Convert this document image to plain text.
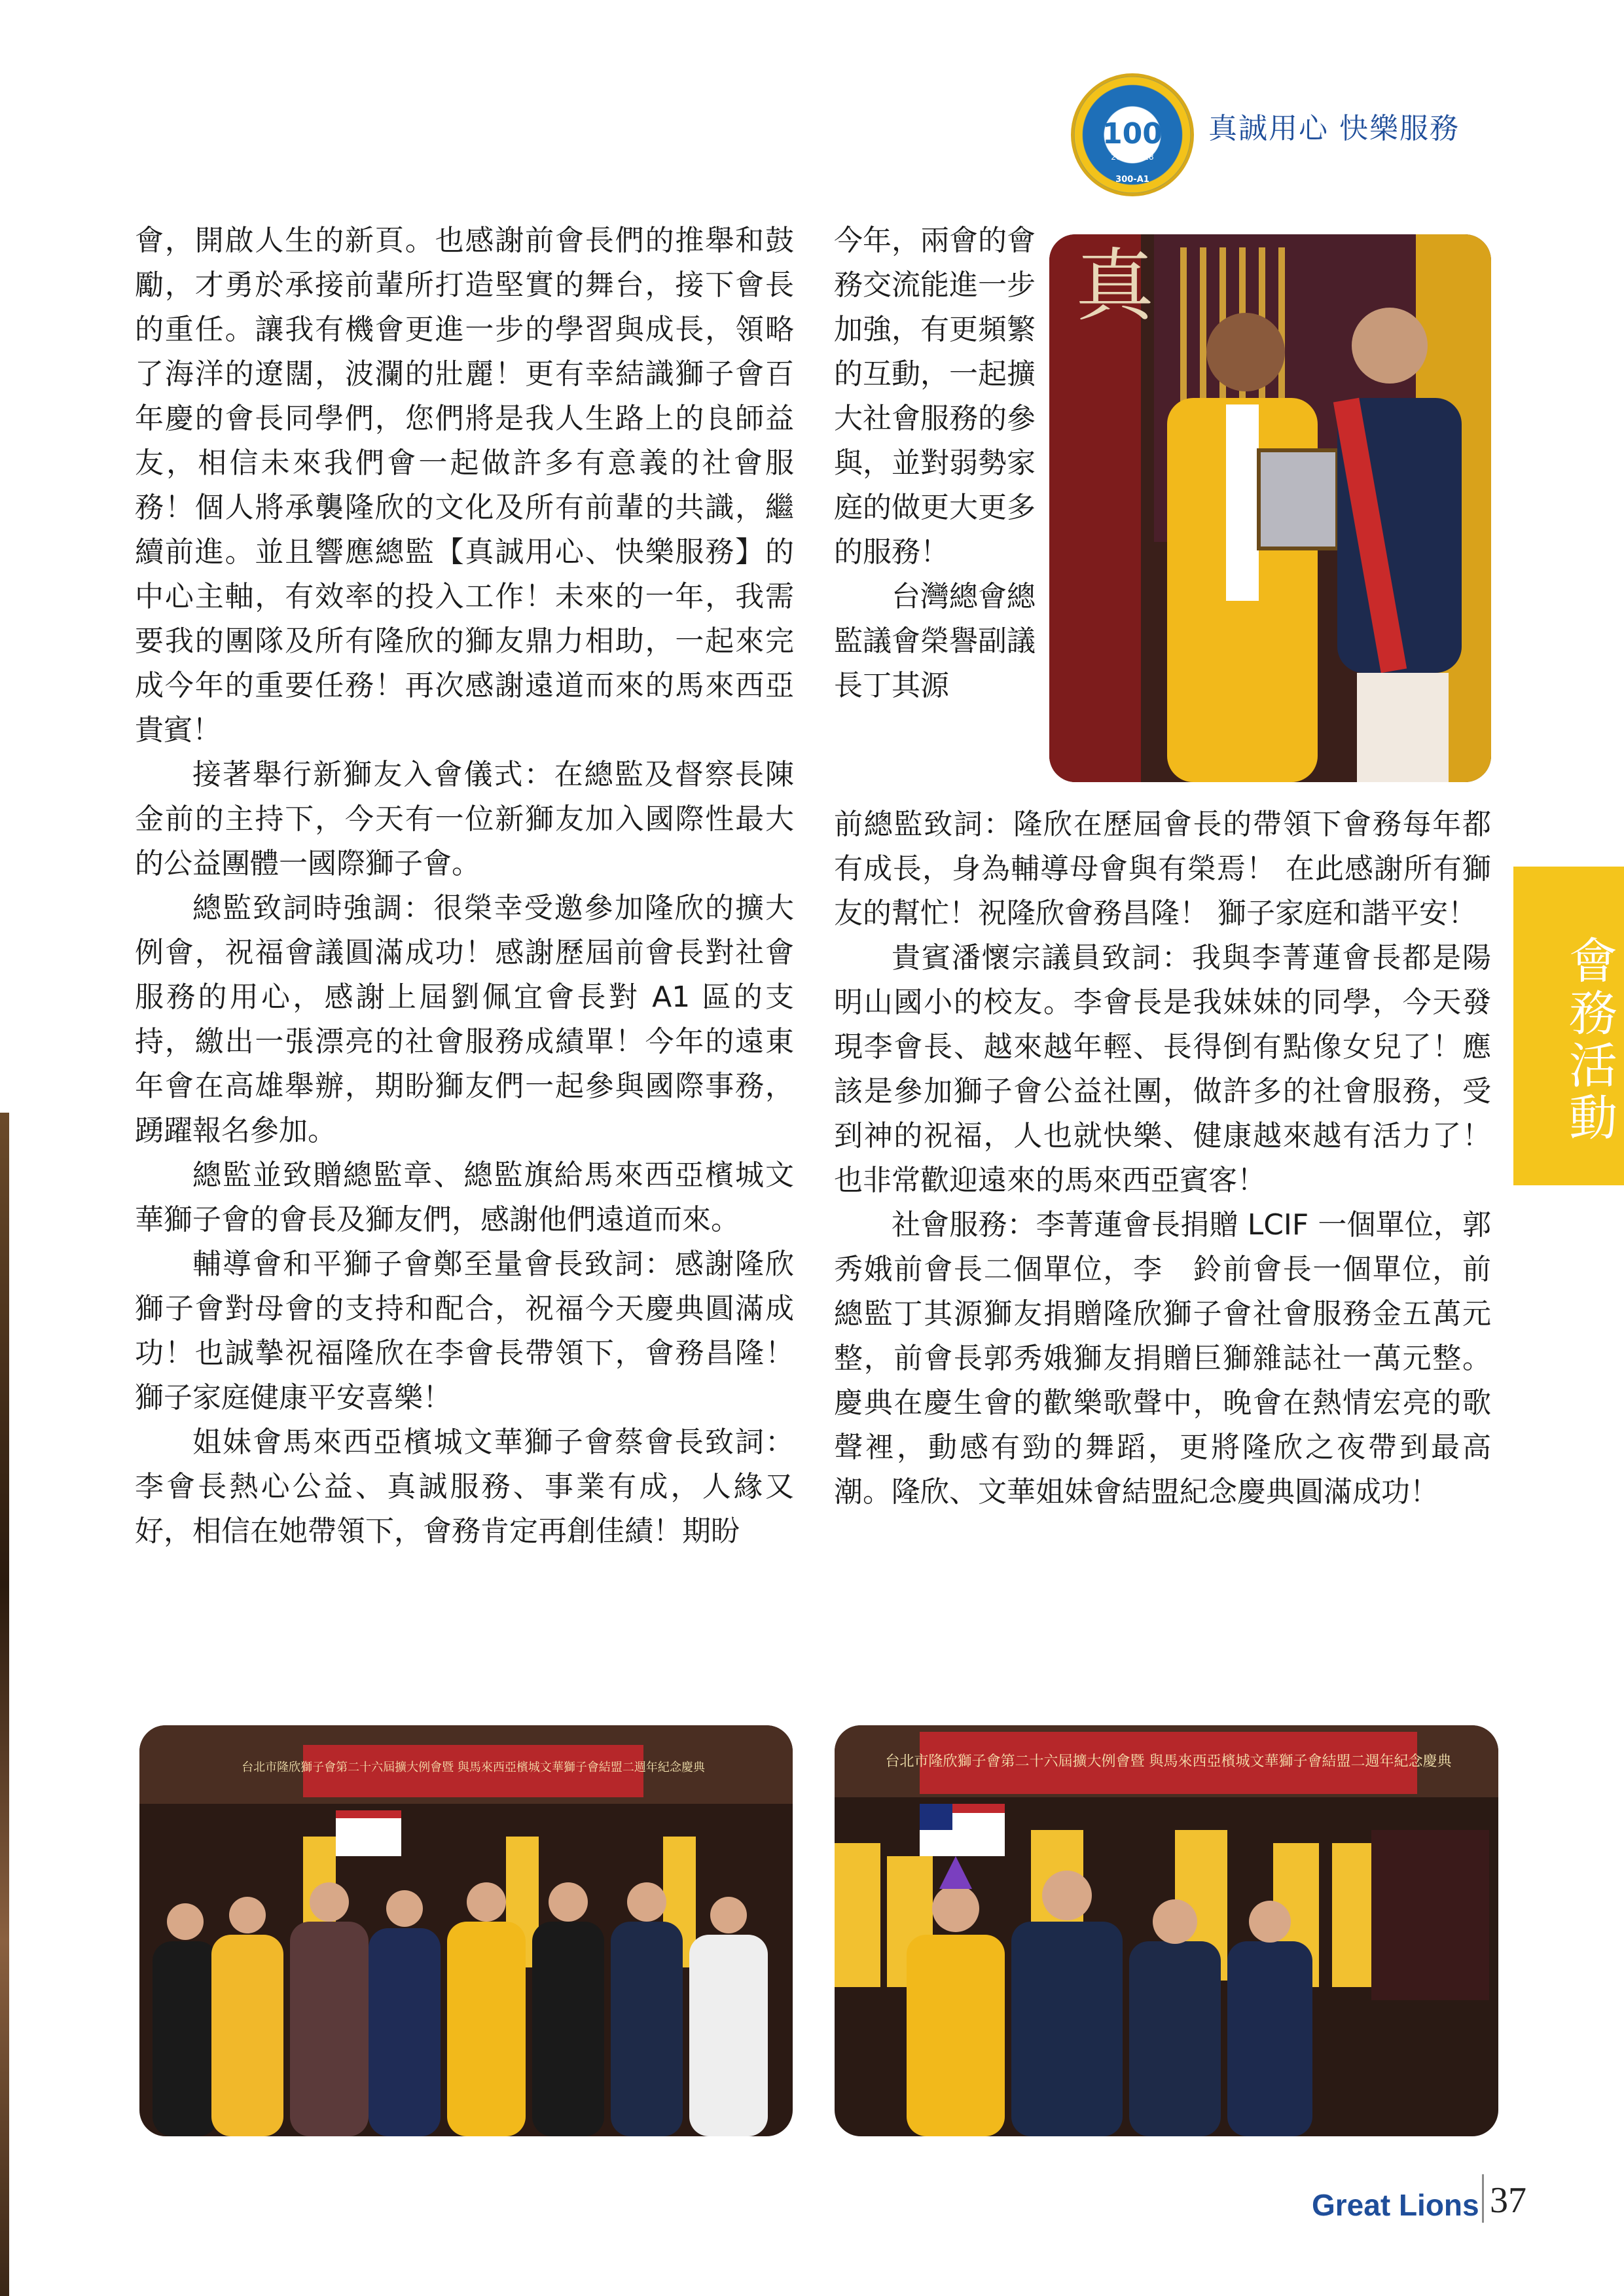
100
2017-2018
300-A1
真誠用心 快樂服務

會，開啟人生的新頁。也感謝前會長們的推舉和鼓勵，才勇於承接前輩所打造堅實的舞台，接下會長的重任。讓我有機會更進一步的學習與成長，領略了海洋的遼闊，波瀾的壯麗！更有幸結識獅子會百年慶的會長同學們，您們將是我人生路上的良師益友，相信未來我們會一起做許多有意義的社會服務！個人將承襲隆欣的文化及所有前輩的共識，繼續前進。並且響應總監【真誠用心、快樂服務】的中心主軸，有效率的投入工作！未來的一年，我需要我的團隊及所有隆欣的獅友鼎力相助，一起來完成今年的重要任務！再次感謝遠道而來的馬來西亞貴賓！

接著舉行新獅友入會儀式：在總監及督察長陳金前的主持下，今天有一位新獅友加入國際性最大的公益團體一國際獅子會。

總監致詞時強調：很榮幸受邀參加隆欣的擴大例會，祝福會議圓滿成功！感謝歷屆前會長對社會服務的用心，感謝上屆劉佩宜會長對 A1 區的支持，繳出一張漂亮的社會服務成績單！今年的遠東年會在高雄舉辦，期盼獅友們一起參與國際事務，踴躍報名參加。

總監並致贈總監章、總監旗給馬來西亞檳城文華獅子會的會長及獅友們，感謝他們遠道而來。

輔導會和平獅子會鄭至量會長致詞：感謝隆欣獅子會對母會的支持和配合，祝福今天慶典圓滿成功！也誠摯祝福隆欣在李會長帶領下，會務昌隆！ 獅子家庭健康平安喜樂！

姐妹會馬來西亞檳城文華獅子會蔡會長致詞：李會長熱心公益、真誠服務、事業有成，人緣又好，相信在她帶領下，會務肯定再創佳績！期盼

今年，兩會的會務交流能進一步加強，有更頻繁的互動，一起擴大社會服務的參與，並對弱勢家庭的做更大更多的服務！

台灣總會總監議會榮譽副議長丁其源

前總監致詞：隆欣在歷屆會長的帶領下會務每年都有成長，身為輔導母會與有榮焉！ 在此感謝所有獅友的幫忙！祝隆欣會務昌隆！ 獅子家庭和諧平安！

貴賓潘懷宗議員致詞：我與李菁蓮會長都是陽明山國小的校友。李會長是我妹妹的同學，今天發現李會長、越來越年輕、長得倒有點像女兒了！應該是參加獅子會公益社團，做許多的社會服務，受到神的祝福，人也就快樂、健康越來越有活力了！也非常歡迎遠來的馬來西亞賓客！

社會服務：李菁蓮會長捐贈 LCIF 一個單位，郭秀娥前會長二個單位，李　鈴前會長一個單位，前總監丁其源獅友捐贈隆欣獅子會社會服務金五萬元整，前會長郭秀娥獅友捐贈巨獅雜誌社一萬元整。慶典在慶生會的歡樂歌聲中，晚會在熱情宏亮的歌聲裡，動感有勁的舞蹈，更將隆欣之夜帶到最高潮。隆欣、文華姐妹會結盟紀念慶典圓滿成功！

真
會務活動
台北市隆欣獅子會第二十六屆擴大例會暨 與馬來西亞檳城文華獅子會結盟二週年紀念慶典	台北市隆欣獅子會第二十六屆擴大例會暨 與馬來西亞檳城文華獅子會結盟二週年紀念慶典
Great Lions 37
